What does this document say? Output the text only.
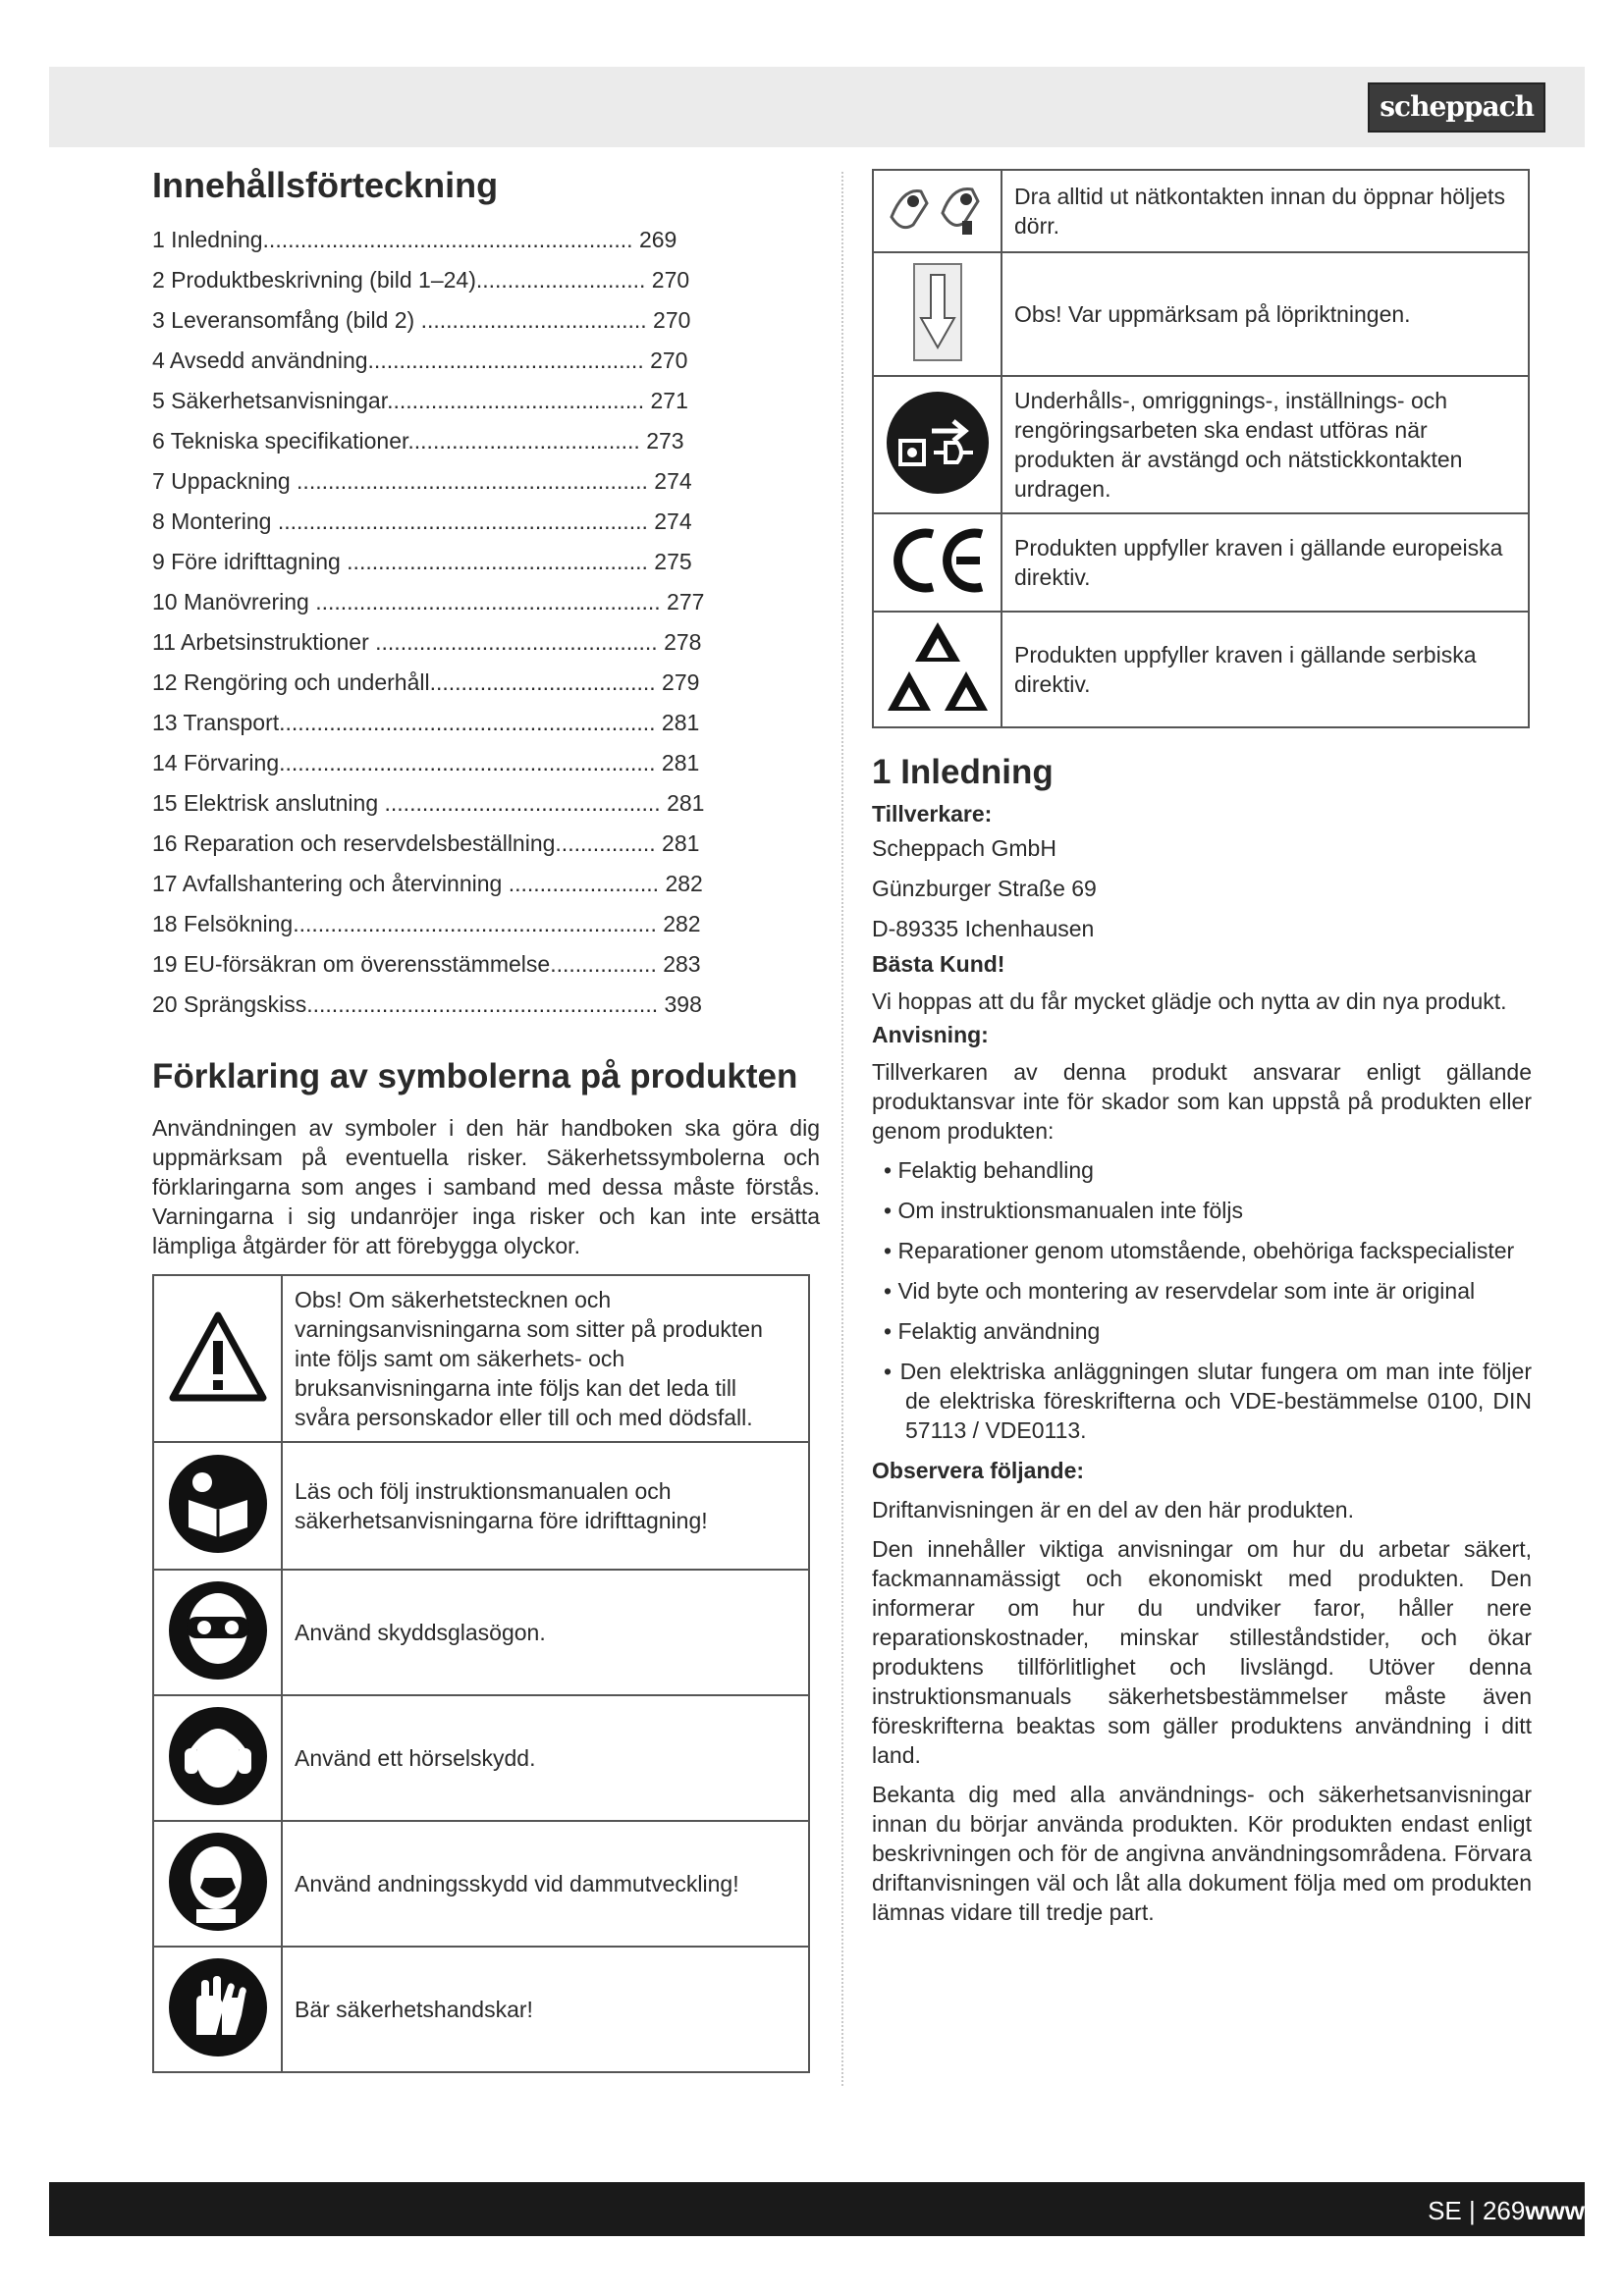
scheppach
Innehållsförteckning
1 Inledning........................................................... 269
2 Produktbeskrivning (bild 1–24)........................... 270
3 Leveransomfång (bild 2) .................................... 270
4 Avsedd användning............................................ 270
5 Säkerhetsanvisningar......................................... 271
6 Tekniska specifikationer..................................... 273
7 Uppackning ........................................................ 274
8 Montering ........................................................... 274
9 Före idrifttagning ................................................ 275
10 Manövrering ....................................................... 277
11 Arbetsinstruktioner ............................................. 278
12 Rengöring och underhåll.................................... 279
13 Transport............................................................ 281
14 Förvaring............................................................ 281
15 Elektrisk anslutning ............................................ 281
16 Reparation och reservdelsbeställning................ 281
17 Avfallshantering och återvinning ........................ 282
18 Felsökning.......................................................... 282
19 EU-försäkran om överensstämmelse................. 283
20 Sprängskiss........................................................ 398
Förklaring av symbolerna på produkten

Användningen av symboler i den här handboken ska göra dig uppmärksam på eventuella risker. Säkerhetssymbolerna och förklaringarna som anges i samband med dessa måste förstås. Varningarna i sig undanröjer inga risker och kan inte ersätta lämpliga åtgärder för att förebygga olyckor.

	Obs! Om säkerhetstecknen och varningsanvisningarna som sitter på produkten inte följs samt om säkerhets- och bruksanvisningarna inte följs kan det leda till svåra personskador eller till och med dödsfall.
	Läs och följ instruktionsmanualen och säkerhetsanvisningarna före idrifttagning!
	Använd skyddsglasögon.
	Använd ett hörselskydd.
	Använd andningsskydd vid dammutveckling!
	Bär säkerhetshandskar!
	Dra alltid ut nätkontakten innan du öppnar höljets dörr.
	Obs! Var uppmärksam på löpriktningen.
	Underhålls-, omriggnings-, inställnings- och rengöringsarbeten ska endast utföras när produkten är avstängd och nätstickkontakten urdragen.
	Produkten uppfyller kraven i gällande europeiska direktiv.
	Produkten uppfyller kraven i gällande serbiska direktiv.
1 Inledning
Tillverkare:
Scheppach GmbH
Günzburger Straße 69
D-89335 Ichenhausen
Bästa Kund!

Vi hoppas att du får mycket glädje och nytta av din nya produkt.

Anvisning:

Tillverkaren av denna produkt ansvarar enligt gällande produktansvar inte för skador som kan uppstå på produkten eller genom produkten:

• Felaktig behandling

• Om instruktionsmanualen inte följs

• Reparationer genom utomstående, obehöriga fackspecialister

• Vid byte och montering av reservdelar som inte är original

• Felaktig användning

• Den elektriska anläggningen slutar fungera om man inte följer de elektriska föreskrifterna och VDE-bestämmelse 0100, DIN 57113 / VDE0113.

Observera följande:

Driftanvisningen är en del av den här produkten.

Den innehåller viktiga anvisningar om hur du arbetar säkert, fackmannamässigt och ekonomiskt med produkten. Den informerar om hur du undviker faror, håller nere reparationskostnader, minskar stilleståndstider, och ökar produktens tillförlitlighet och livslängd. Utöver denna instruktionsmanuals säkerhetsbestämmelser måste även föreskrifterna beaktas som gäller produktens användning i ditt land.

Bekanta dig med alla användnings- och säkerhetsanvisningar innan du börjar använda produkten. Kör produkten endast enligt beskrivningen och för de angivna användningsområdena. Förvara driftanvisningen väl och låt alla dokument följa med om produkten lämnas vidare till tredje part.

SE | 269www
